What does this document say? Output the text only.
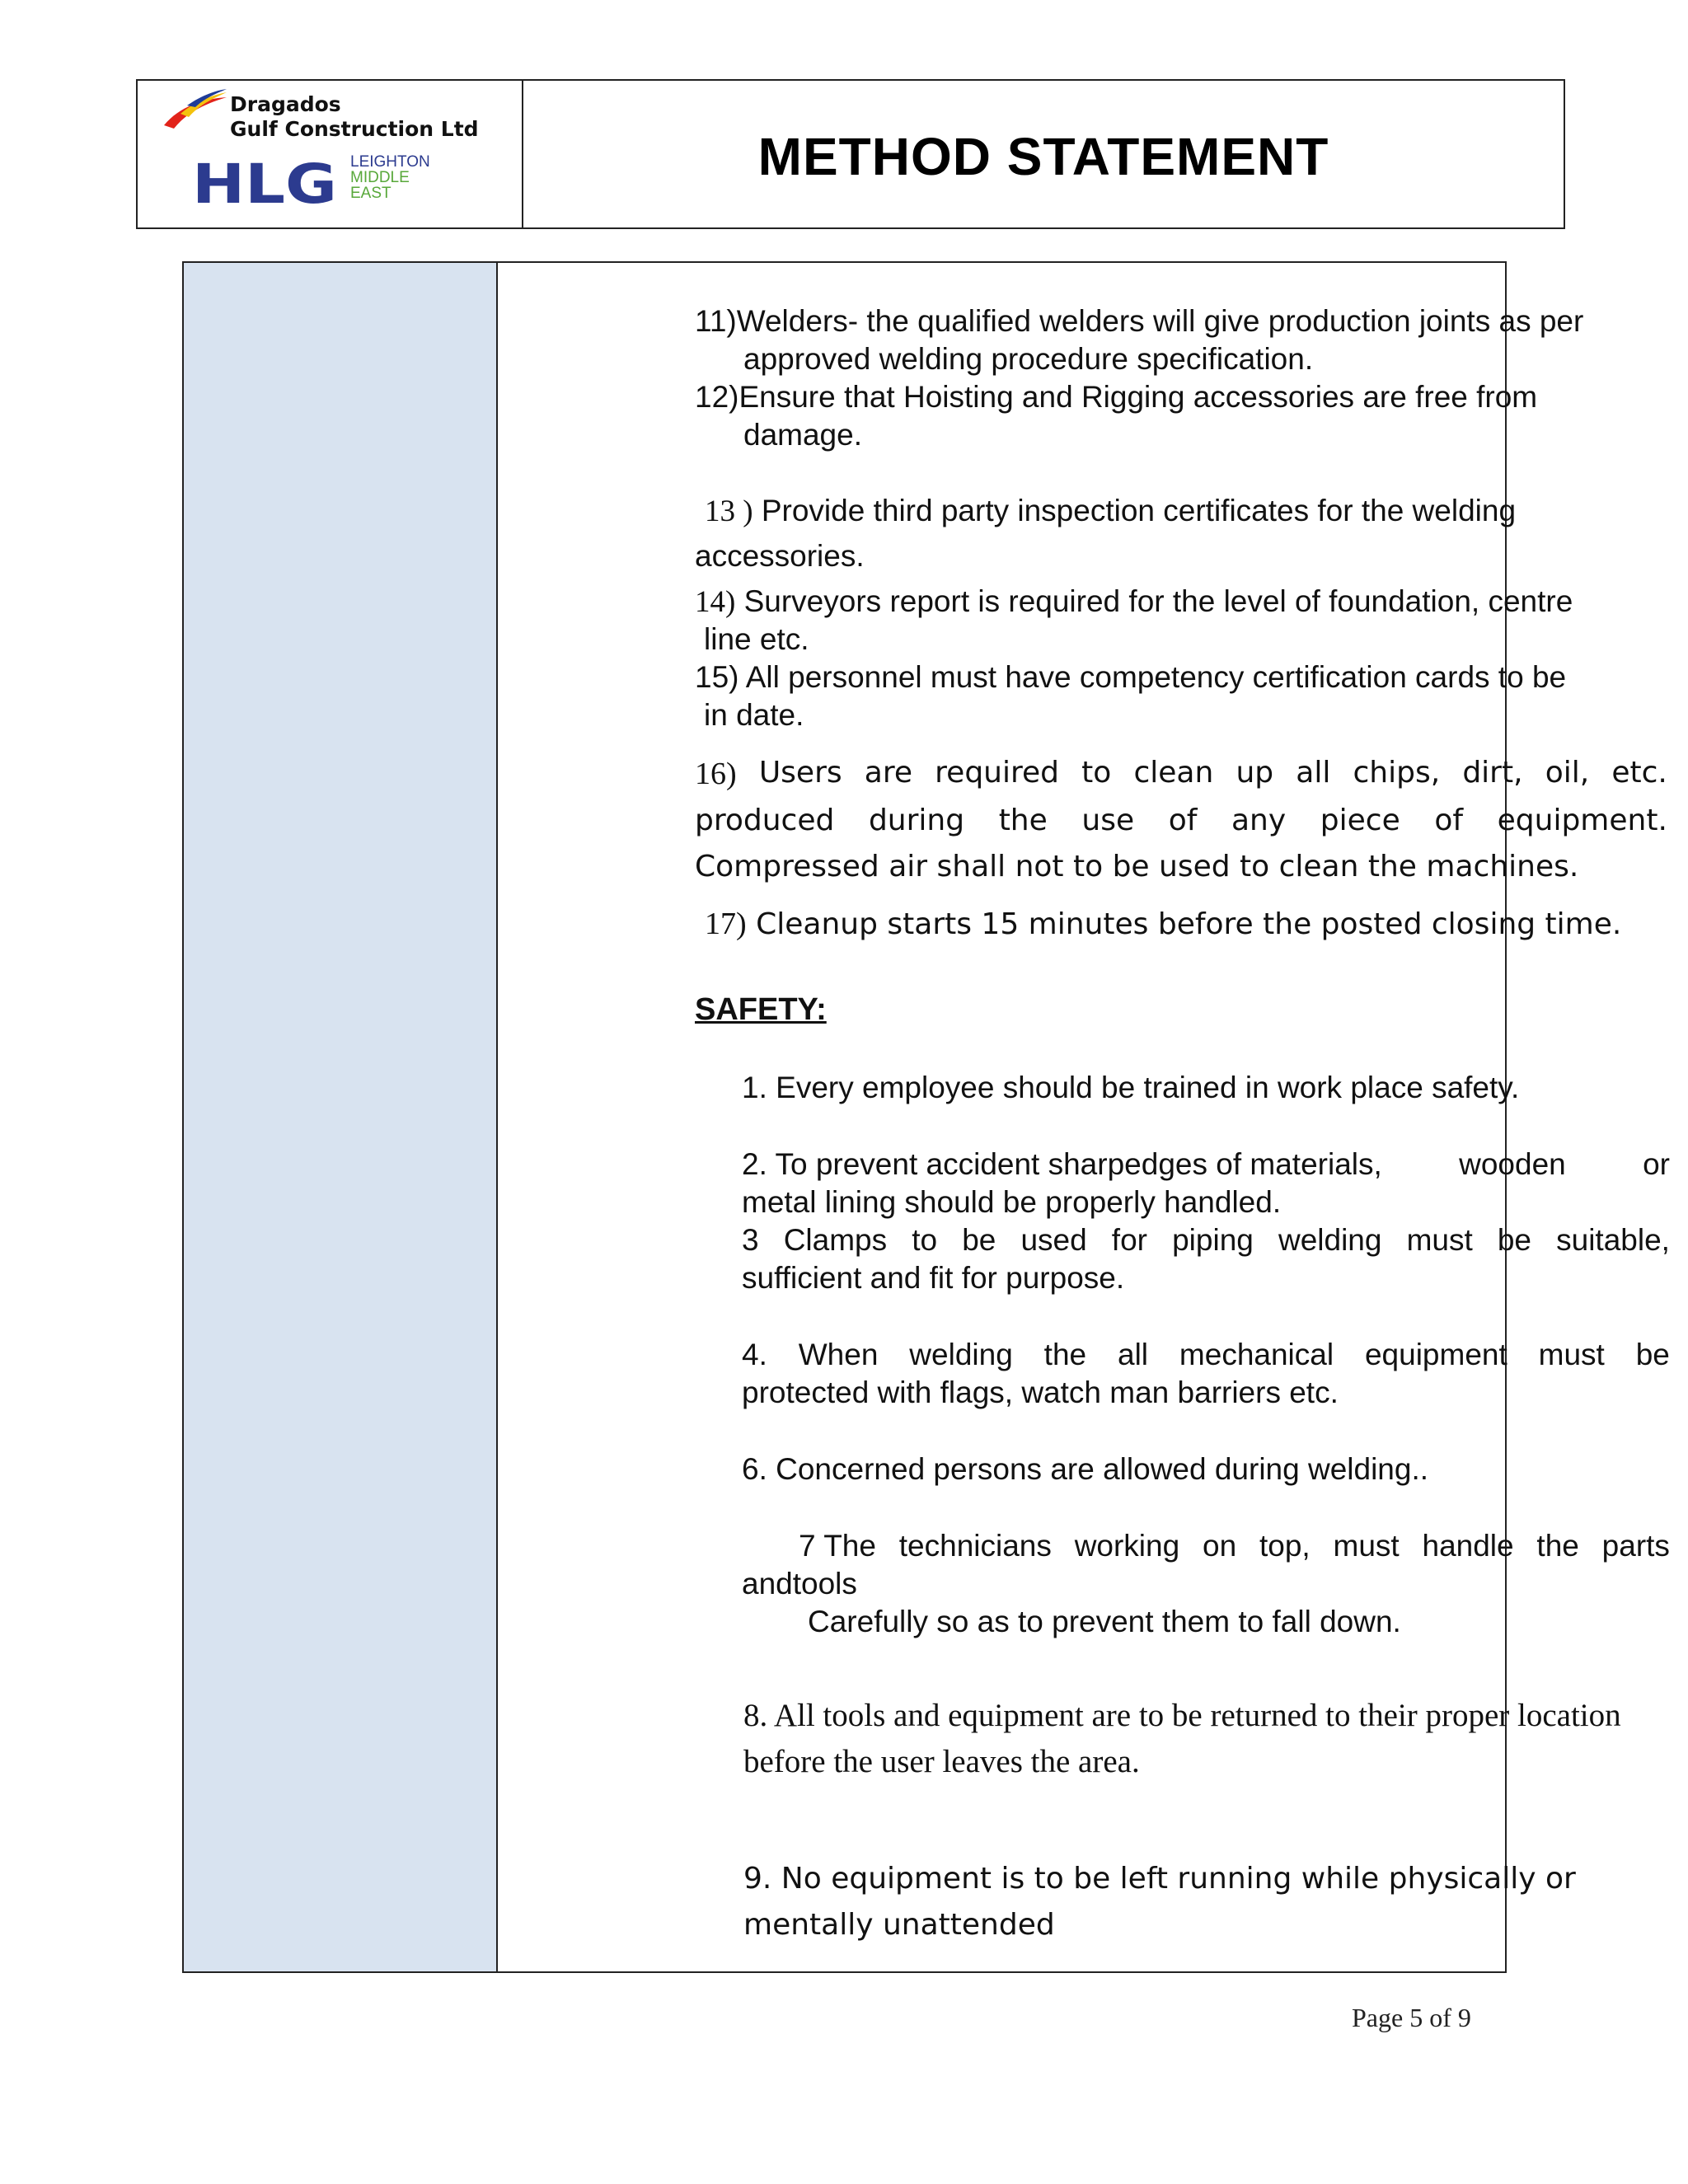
Dragados
Gulf Construction Ltd
HLG LEIGHTON
MIDDLE
EAST
METHOD STATEMENT
11)Welders- the qualified welders will give production joints as per
approved welding procedure specification.
12)Ensure that Hoisting and Rigging accessories are free from
damage.
13 ) Provide third party inspection certificates for the welding
accessories.
14) Surveyors report is required for the level of foundation, centre
line etc.
15) All personnel must have competency certification cards to be
in date.
16) Users are required to clean up all chips, dirt, oil, etc.
produced during the use of any piece of equipment.
Compressed air shall not to be used to clean the machines.
17) Cleanup starts 15 minutes before the posted closing time.
SAFETY:
1. Every employee should be trained in work place safety.
2. To prevent accident sharpedges of materials,	wooden	or
metal lining should be properly handled.
3 Clamps to be used for piping welding must be suitable,
sufficient and fit for purpose.
4. When welding the all mechanical equipment must be
protected with flags, watch man barriers etc.
6. Concerned persons are allowed during welding..
7 The technicians working on top, must handle the parts
andtools
Carefully so as to prevent them to fall down.
8. All tools and equipment are to be returned to their proper location
before the user leaves the area.
9. No equipment is to be left running while physically or
mentally unattended
Page 5 of 9
